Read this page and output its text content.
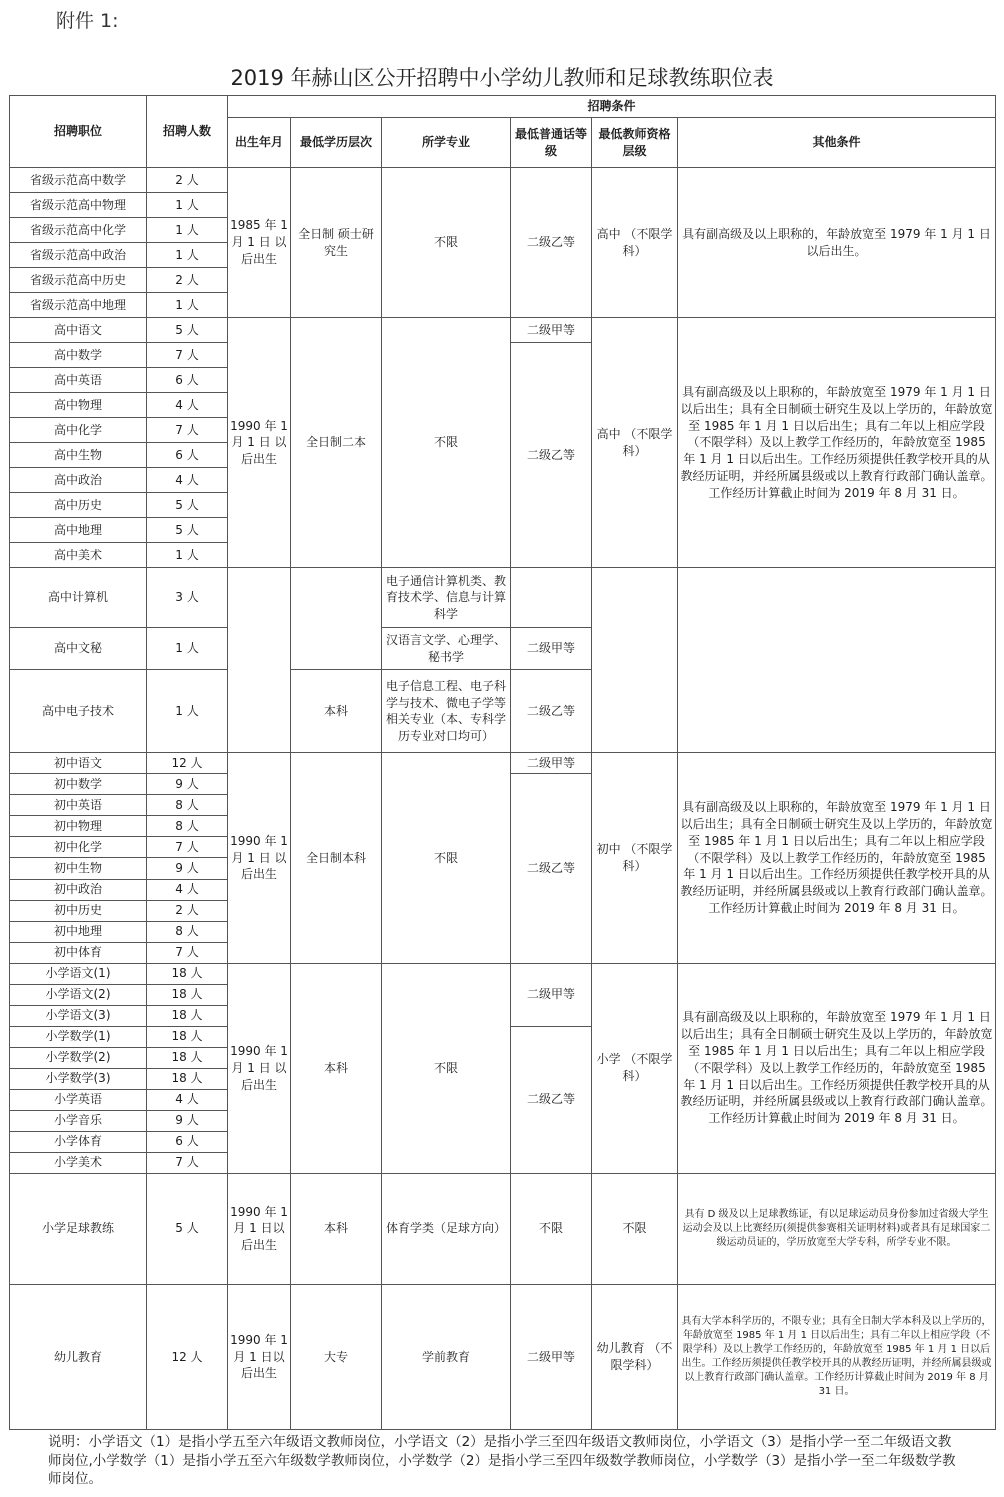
附件 1:
2019 年赫山区公开招聘中小学幼儿教师和足球教练职位表
招聘职位	招聘人数	招聘条件					
		出生年月	最低学历层次	所学专业	最低普通话等级	最低教师资格层级	其他条件
省级示范高中数学	2 人	1985 年 1 月 1 日 以后出生	全日制 硕士研究生	不限	二级乙等	高中 （不限学科）	具有副高级及以上职称的，年龄放宽至 1979 年 1 月 1 日以后出生。
省级示范高中物理	1 人						
省级示范高中化学	1 人						
省级示范高中政治	1 人						
省级示范高中历史	2 人						
省级示范高中地理	1 人						
高中语文	5 人	1990 年 1 月 1 日 以后出生	全日制二本	不限	二级甲等	高中 （不限学科）	具有副高级及以上职称的，年龄放宽至 1979 年 1 月 1 日以后出生；具有全日制硕士研究生及以上学历的，年龄放宽至 1985 年 1 月 1 日以后出生；具有二年以上相应学段（不限学科）及以上教学工作经历的，年龄放宽至 1985 年 1 月 1 日以后出生。工作经历须提供任教学校开具的从教经历证明，并经所属县级或以上教育行政部门确认盖章。工作经历计算截止时间为 2019 年 8 月 31 日。
高中数学	7 人				二级乙等		
高中英语	6 人						
高中物理	4 人						
高中化学	7 人						
高中生物	6 人						
高中政治	4 人						
高中历史	5 人						
高中地理	5 人						
高中美术	1 人						
高中计算机	3 人			电子通信计算机类、教育技术学、信息与计算科学			
高中文秘	1 人			汉语言文学、心理学、秘书学	二级甲等		
高中电子技术	1 人		本科	电子信息工程、电子科学与技术、微电子学等相关专业（本、专科学历专业对口均可）	二级乙等		
初中语文	12 人	1990 年 1 月 1 日 以后出生	全日制本科	不限	二级甲等	初中 （不限学科）	具有副高级及以上职称的，年龄放宽至 1979 年 1 月 1 日以后出生；具有全日制硕士研究生及以上学历的，年龄放宽至 1985 年 1 月 1 日以后出生；具有二年以上相应学段（不限学科）及以上教学工作经历的，年龄放宽至 1985 年 1 月 1 日以后出生。工作经历须提供任教学校开具的从教经历证明，并经所属县级或以上教育行政部门确认盖章。工作经历计算截止时间为 2019 年 8 月 31 日。
初中数学	9 人				二级乙等		
初中英语	8 人						
初中物理	8 人						
初中化学	7 人						
初中生物	9 人						
初中政治	4 人						
初中历史	2 人						
初中地理	8 人						
初中体育	7 人						
小学语文(1)	18 人	1990 年 1 月 1 日 以后出生	本科	不限	二级甲等	小学 （不限学科）	具有副高级及以上职称的，年龄放宽至 1979 年 1 月 1 日以后出生；具有全日制硕士研究生及以上学历的，年龄放宽至 1985 年 1 月 1 日以后出生；具有二年以上相应学段（不限学科）及以上教学工作经历的，年龄放宽至 1985 年 1 月 1 日以后出生。工作经历须提供任教学校开具的从教经历证明，并经所属县级或以上教育行政部门确认盖章。工作经历计算截止时间为 2019 年 8 月 31 日。
小学语文(2)	18 人						
小学语文(3)	18 人						
小学数学(1)	18 人				二级乙等		
小学数学(2)	18 人						
小学数学(3)	18 人						
小学英语	4 人						
小学音乐	9 人						
小学体育	6 人						
小学美术	7 人						
小学足球教练	5 人	1990 年 1 月 1 日以后出生	本科	体育学类（足球方向）	不限	不限	具有 D 级及以上足球教练证，有以足球运动员身份参加过省级大学生运动会及以上比赛经历(须提供参赛相关证明材料)或者具有足球国家二级运动员证的，学历放宽至大学专科，所学专业不限。
幼儿教育	12 人	1990 年 1 月 1 日以后出生	大专	学前教育	二级甲等	幼儿教育 （不限学科）	具有大学本科学历的，不限专业；具有全日制大学本科及以上学历的，年龄放宽至 1985 年 1 月 1 日以后出生；具有二年以上相应学段（不限学科）及以上教学工作经历的，年龄放宽至 1985 年 1 月 1 日以后出生。工作经历须提供任教学校开具的从教经历证明，并经所属县级或以上教育行政部门确认盖章。工作经历计算截止时间为 2019 年 8 月 31 日。
说明：小学语文（1）是指小学五至六年级语文教师岗位，小学语文（2）是指小学三至四年级语文教师岗位，小学语文（3）是指小学一至二年级语文教师岗位,小学数学（1）是指小学五至六年级数学教师岗位，小学数学（2）是指小学三至四年级数学教师岗位，小学数学（3）是指小学一至二年级数学教师岗位。
